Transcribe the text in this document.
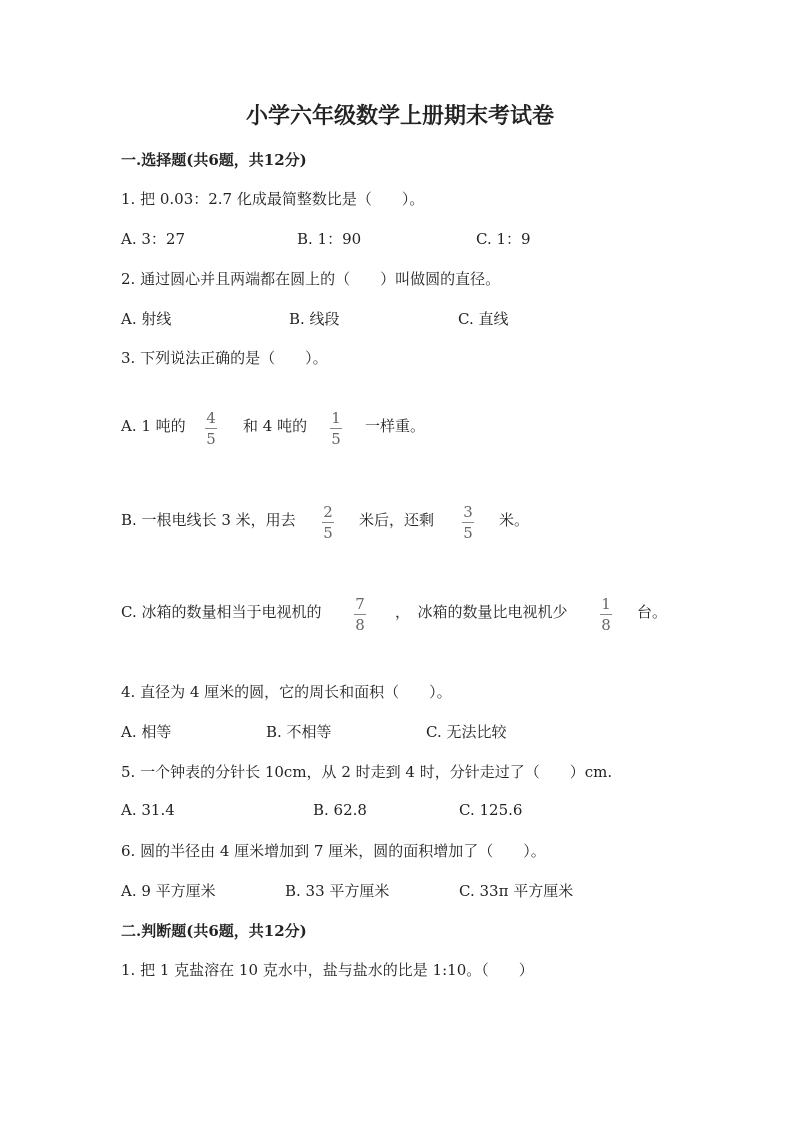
小学六年级数学上册期末考试卷
一.选择题(共6题，共12分)
1. 把 0.03：2.7 化成最简整数比是（　　）。
A. 3：27	B. 1：90	C. 1：9
2. 通过圆心并且两端都在圆上的（　　）叫做圆的直径。
A. 射线	B. 线段	C. 直线
3. 下列说法正确的是（　　）。
A. 1 吨的 4
5
和 4 吨的 1
5
一样重。
B. 一根电线长 3 米，用去 2
5
米后，还剩 3
5
米。
C. 冰箱的数量相当于电视机的 7
8
，　冰箱的数量比电视机少 1
8
台。
4. 直径为 4 厘米的圆，它的周长和面积（　　）。
A. 相等	B. 不相等	C. 无法比较
5. 一个钟表的分针长 10cm，从 2 时走到 4 时，分针走过了（　　）cm.
A. 31.4	B. 62.8	C. 125.6
6. 圆的半径由 4 厘米增加到 7 厘米，圆的面积增加了（　　）。
A. 9 平方厘米	B. 33 平方厘米	C. 33π 平方厘米
二.判断题(共6题，共12分)
1. 把 1 克盐溶在 10 克水中，盐与盐水的比是 1:10。（　　）
